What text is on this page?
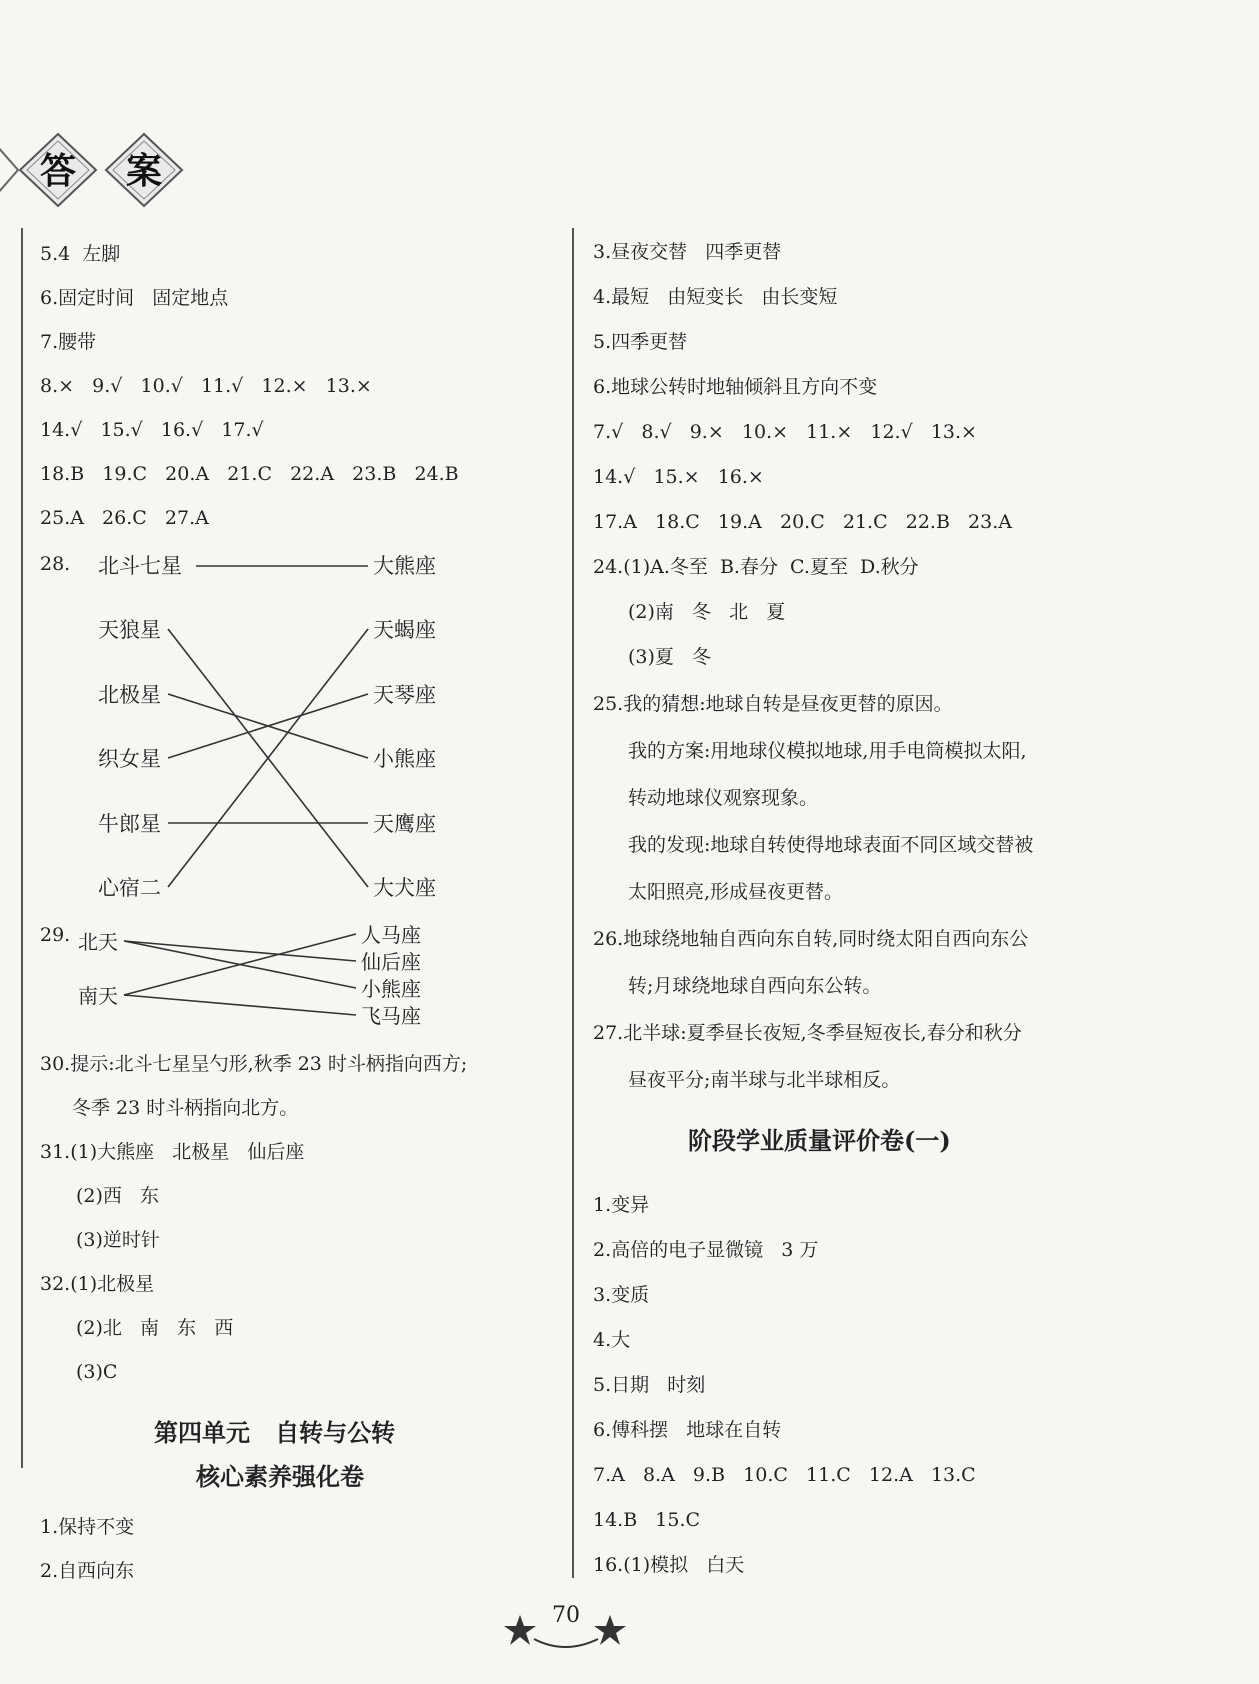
答 案
5.4  左脚
6.固定时间   固定地点
7.腰带
8.×   9.√   10.√   11.√   12.×   13.×
14.√   15.√   16.√   17.√
18.B   19.C   20.A   21.C   22.A   23.B   24.B
25.A   26.C   27.A
28. 北斗七星
天狼星
北极星
织女星
牛郎星
心宿二
大熊座
天蝎座
天琴座
小熊座
天鹰座
大犬座
29. 北天
南天
人马座
仙后座
小熊座
飞马座
30.提示:北斗七星呈勺形,秋季 23 时斗柄指向西方;
冬季 23 时斗柄指向北方。
31.(1)大熊座   北极星   仙后座
(2)西   东
(3)逆时针
32.(1)北极星
(2)北   南   东   西
(3)C
第四单元   自转与公转
核心素养强化卷
1.保持不变
2.自西向东
3.昼夜交替   四季更替
4.最短   由短变长   由长变短
5.四季更替
6.地球公转时地轴倾斜且方向不变
7.√   8.√   9.×   10.×   11.×   12.√   13.×
14.√   15.×   16.×
17.A   18.C   19.A   20.C   21.C   22.B   23.A
24.(1)A.冬至  B.春分  C.夏至  D.秋分
(2)南   冬   北   夏
(3)夏   冬
25.我的猜想:地球自转是昼夜更替的原因。
我的方案:用地球仪模拟地球,用手电筒模拟太阳,
转动地球仪观察现象。
我的发现:地球自转使得地球表面不同区域交替被
太阳照亮,形成昼夜更替。
26.地球绕地轴自西向东自转,同时绕太阳自西向东公
转;月球绕地球自西向东公转。
27.北半球:夏季昼长夜短,冬季昼短夜长,春分和秋分
昼夜平分;南半球与北半球相反。
阶段学业质量评价卷(一)
1.变异
2.高倍的电子显微镜   3 万
3.变质
4.大
5.日期   时刻
6.傅科摆   地球在自转
7.A   8.A   9.B   10.C   11.C   12.A   13.C
14.B   15.C
16.(1)模拟   白天
70
